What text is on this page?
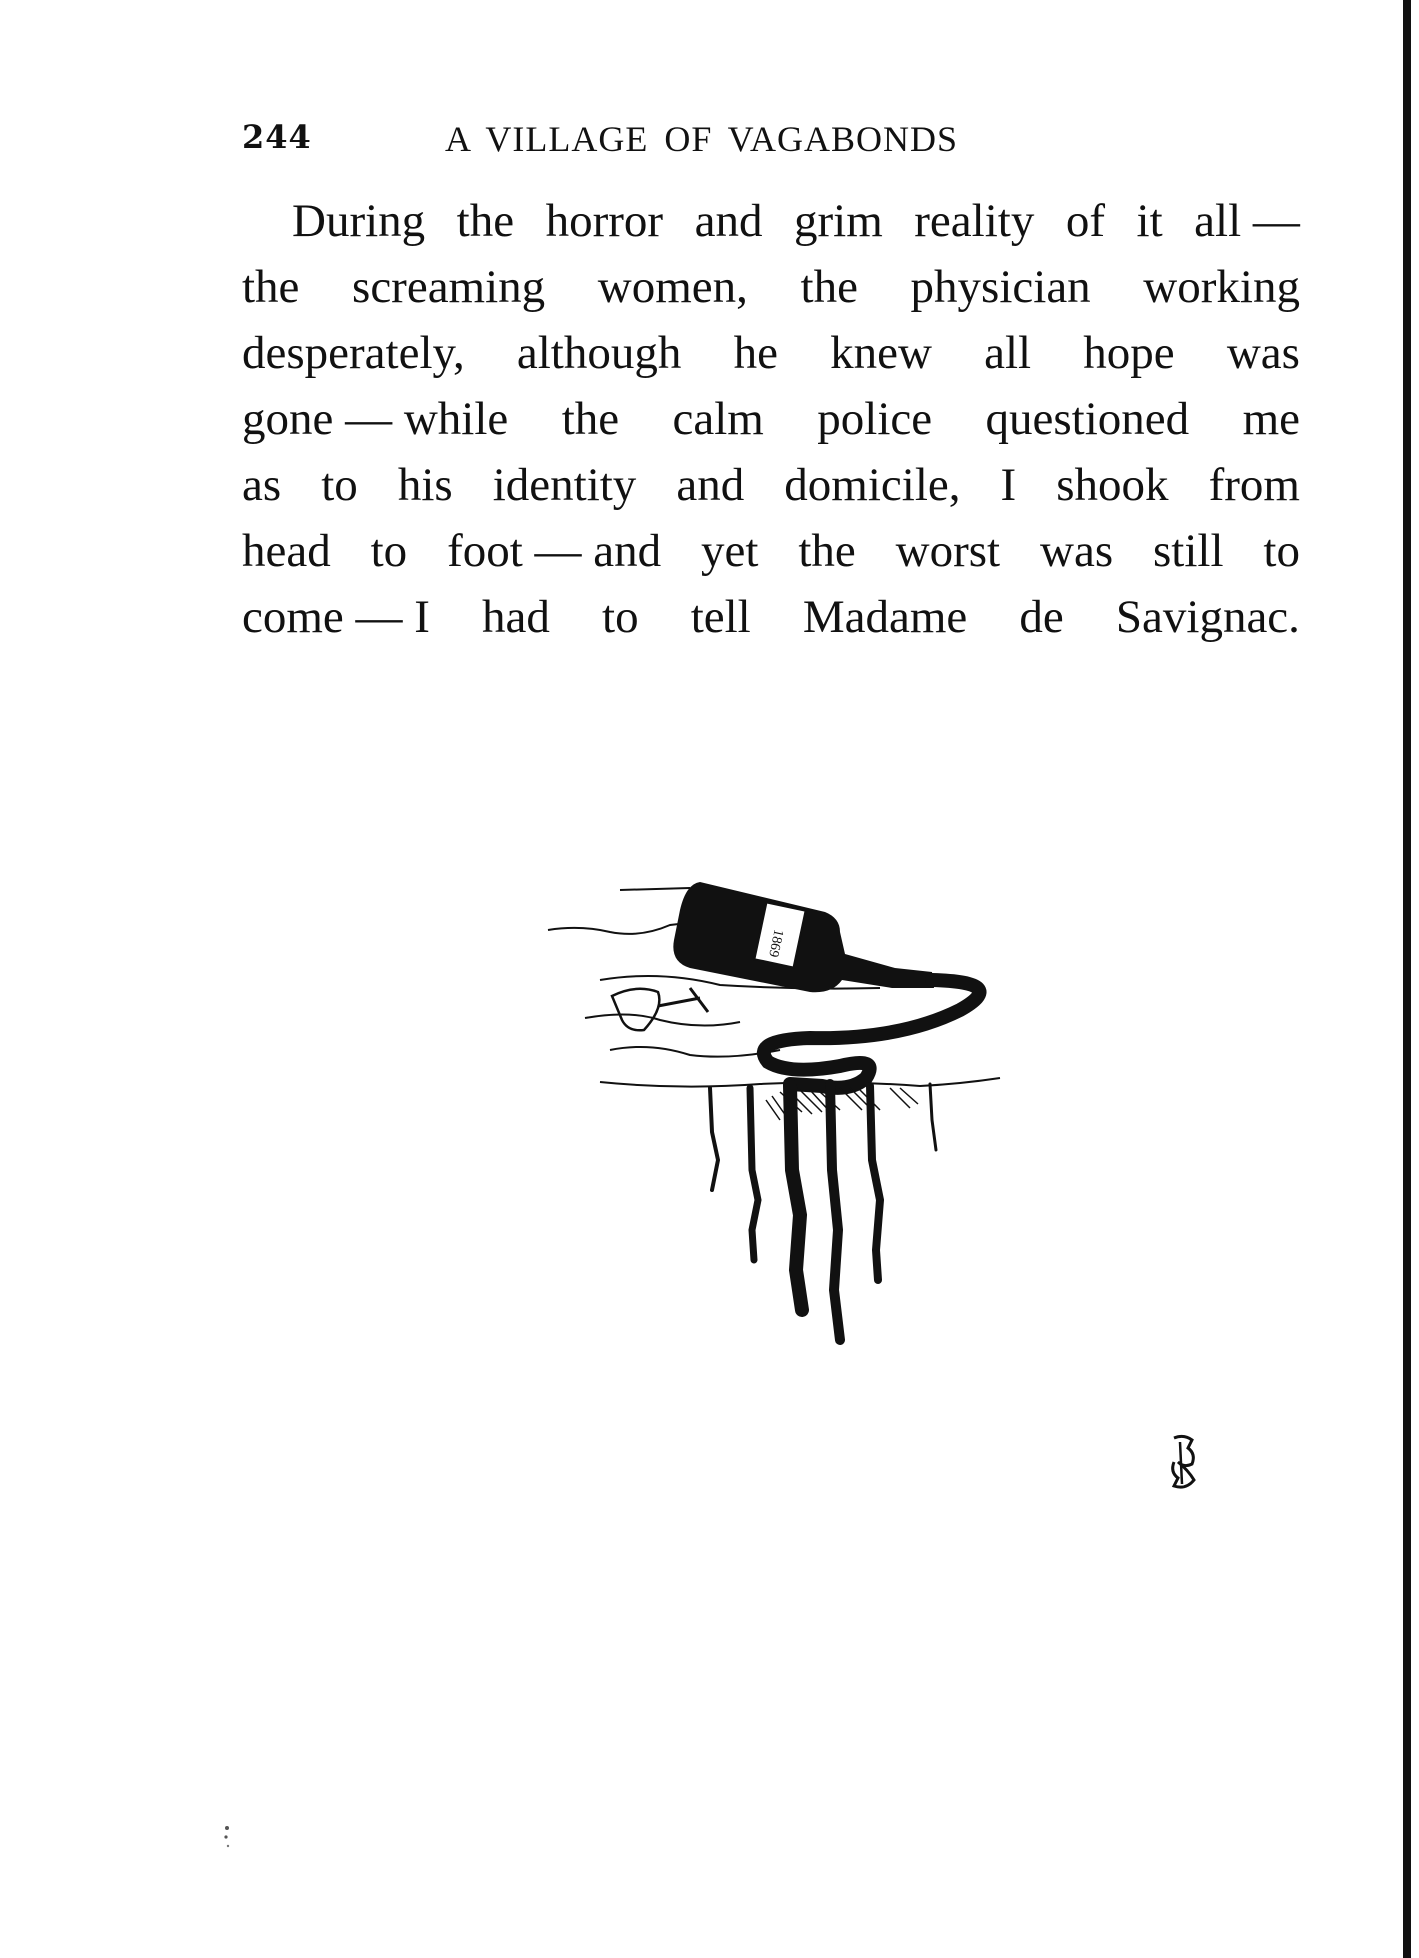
244	A VILLAGE OF VAGABONDS
During the horror and grim reality of it all —
the screaming women, the physician working
desperately, although he knew all hope was
gone — while the calm police questioned me
as to his identity and domicile, I shook from
head to foot — and yet the worst was still to
come — I had to tell Madame de Savignac.
1869
